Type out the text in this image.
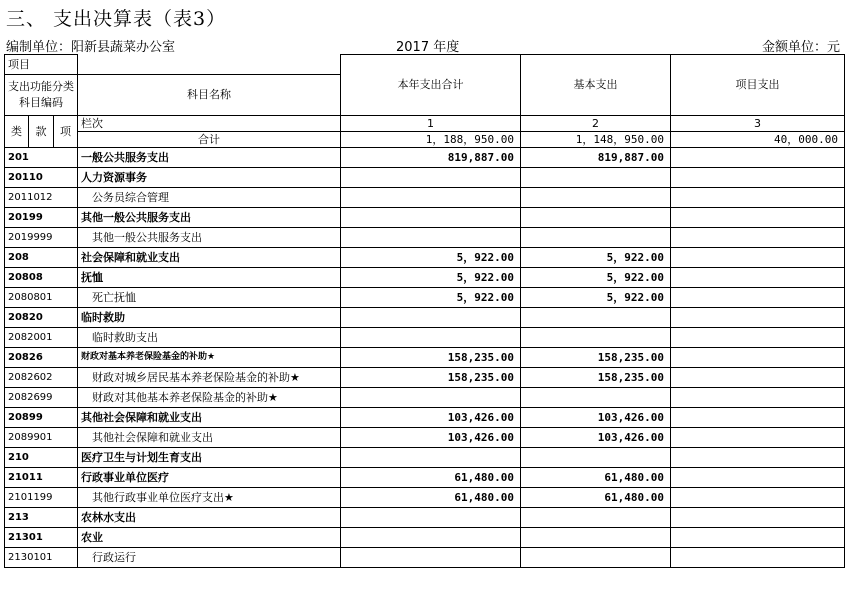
三、 支出决算表（表3）
编制单位：阳新县蔬菜办公室	2017 年度	金额单位：元
项目				本年支出合计	基本支出	项目支出
支出功能分类科目编码						

			科目名称			
类	款	项	栏次	1	2	3
			合计	1，188，950.00	1，148，950.00	40，000.00
201			一般公共服务支出	819,887.00	819,887.00	
20110			人力资源事务			
2011012			公务员综合管理			
20199			其他一般公共服务支出			
2019999			其他一般公共服务支出			
208			社会保障和就业支出	5，922.00	5，922.00	
20808			抚恤	5，922.00	5，922.00	
2080801			死亡抚恤	5，922.00	5，922.00	
20820			临时救助			
2082001			临时救助支出			
20826			财政对基本养老保险基金的补助★	158,235.00	158,235.00	
2082602			财政对城乡居民基本养老保险基金的补助★	158,235.00	158,235.00	
2082699			财政对其他基本养老保险基金的补助★			
20899			其他社会保障和就业支出	103,426.00	103,426.00	
2089901			其他社会保障和就业支出	103,426.00	103,426.00	
210			医疗卫生与计划生育支出			
21011			行政事业单位医疗	61,480.00	61,480.00	
2101199			其他行政事业单位医疗支出★	61,480.00	61,480.00	
213			农林水支出			
21301			农业			
2130101			行政运行			
